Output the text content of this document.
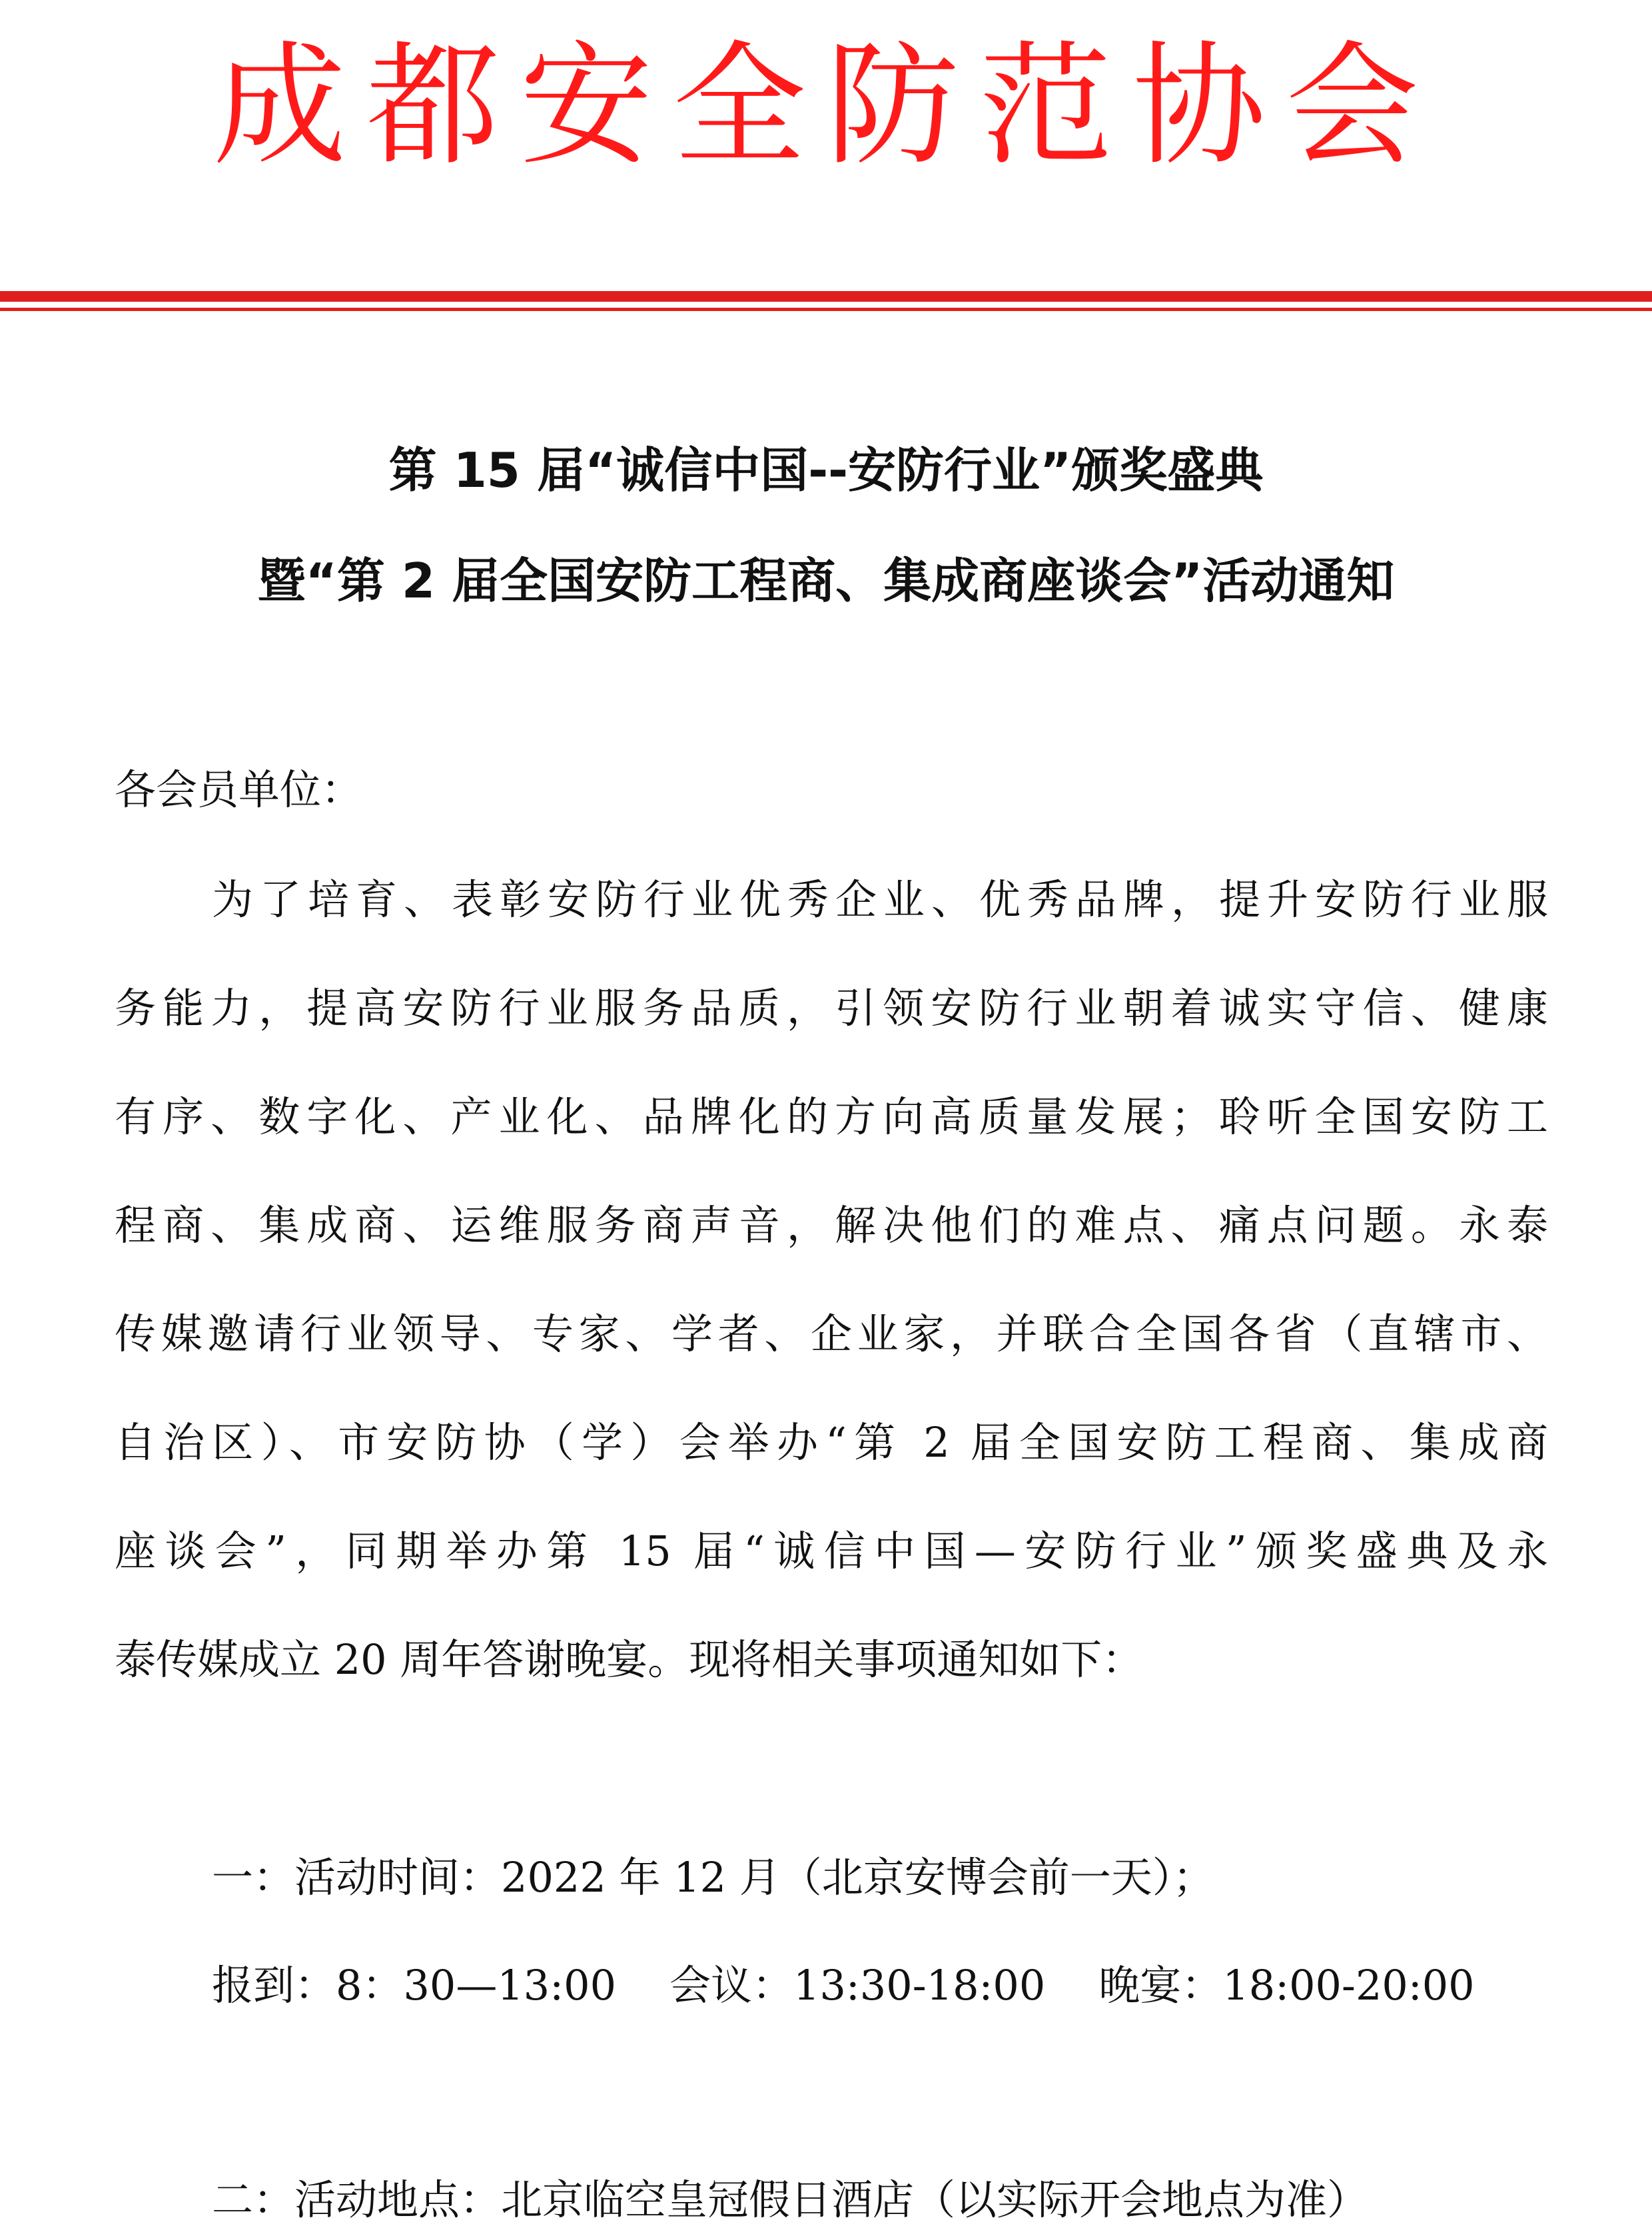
成都安全防范协会
第 15 届“诚信中国--安防行业”颁奖盛典
暨“第 2 届全国安防工程商、集成商座谈会”活动通知
各会员单位：
为了培育、表彰安防行业优秀企业、优秀品牌，提升安防行业服
务能力，提高安防行业服务品质，引领安防行业朝着诚实守信、健康
有序、数字化、产业化、品牌化的方向高质量发展；聆听全国安防工
程商、集成商、运维服务商声音，解决他们的难点、痛点问题。永泰
传媒邀请行业领导、专家、学者、企业家，并联合全国各省（直辖市、
自治区）、市安防协（学）会举办“第 2 届全国安防工程商、集成商
座谈会”，同期举办第 15 届“诚信中国—安防行业”颁奖盛典及永
泰传媒成立 20 周年答谢晚宴。现将相关事项通知如下：
一：活动时间：2022 年 12 月（北京安博会前一天）；
报到：8：30—13:00 会议：13:30-18:00 晚宴：18:00-20:00
二：活动地点：北京临空皇冠假日酒店（以实际开会地点为准）
